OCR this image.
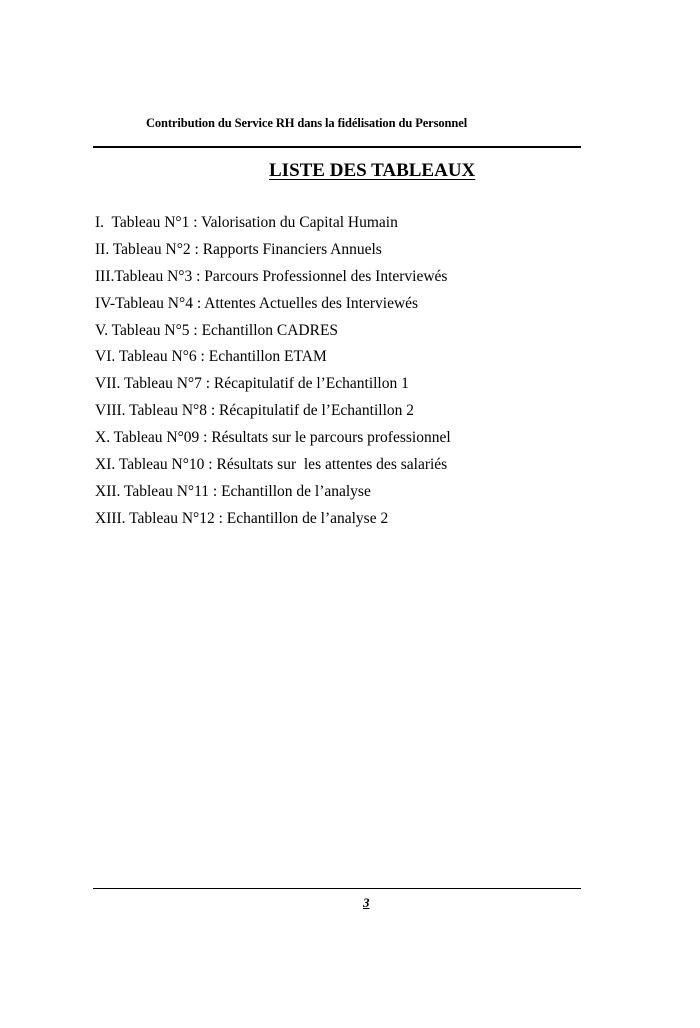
Contribution du Service RH dans la fidélisation du Personnel
LISTE DES TABLEAUX
I.  Tableau N°1 : Valorisation du Capital Humain
II. Tableau N°2 : Rapports Financiers Annuels
III.Tableau N°3 : Parcours Professionnel des Interviewés
IV-Tableau N°4 : Attentes Actuelles des Interviewés
V. Tableau N°5 : Echantillon CADRES
VI. Tableau N°6 : Echantillon ETAM
VII. Tableau N°7 : Récapitulatif de l’Echantillon 1
VIII. Tableau N°8 : Récapitulatif de l’Echantillon 2
X. Tableau N°09 : Résultats sur le parcours professionnel
XI. Tableau N°10 : Résultats sur  les attentes des salariés
XII. Tableau N°11 : Echantillon de l’analyse
XIII. Tableau N°12 : Echantillon de l’analyse 2
3
